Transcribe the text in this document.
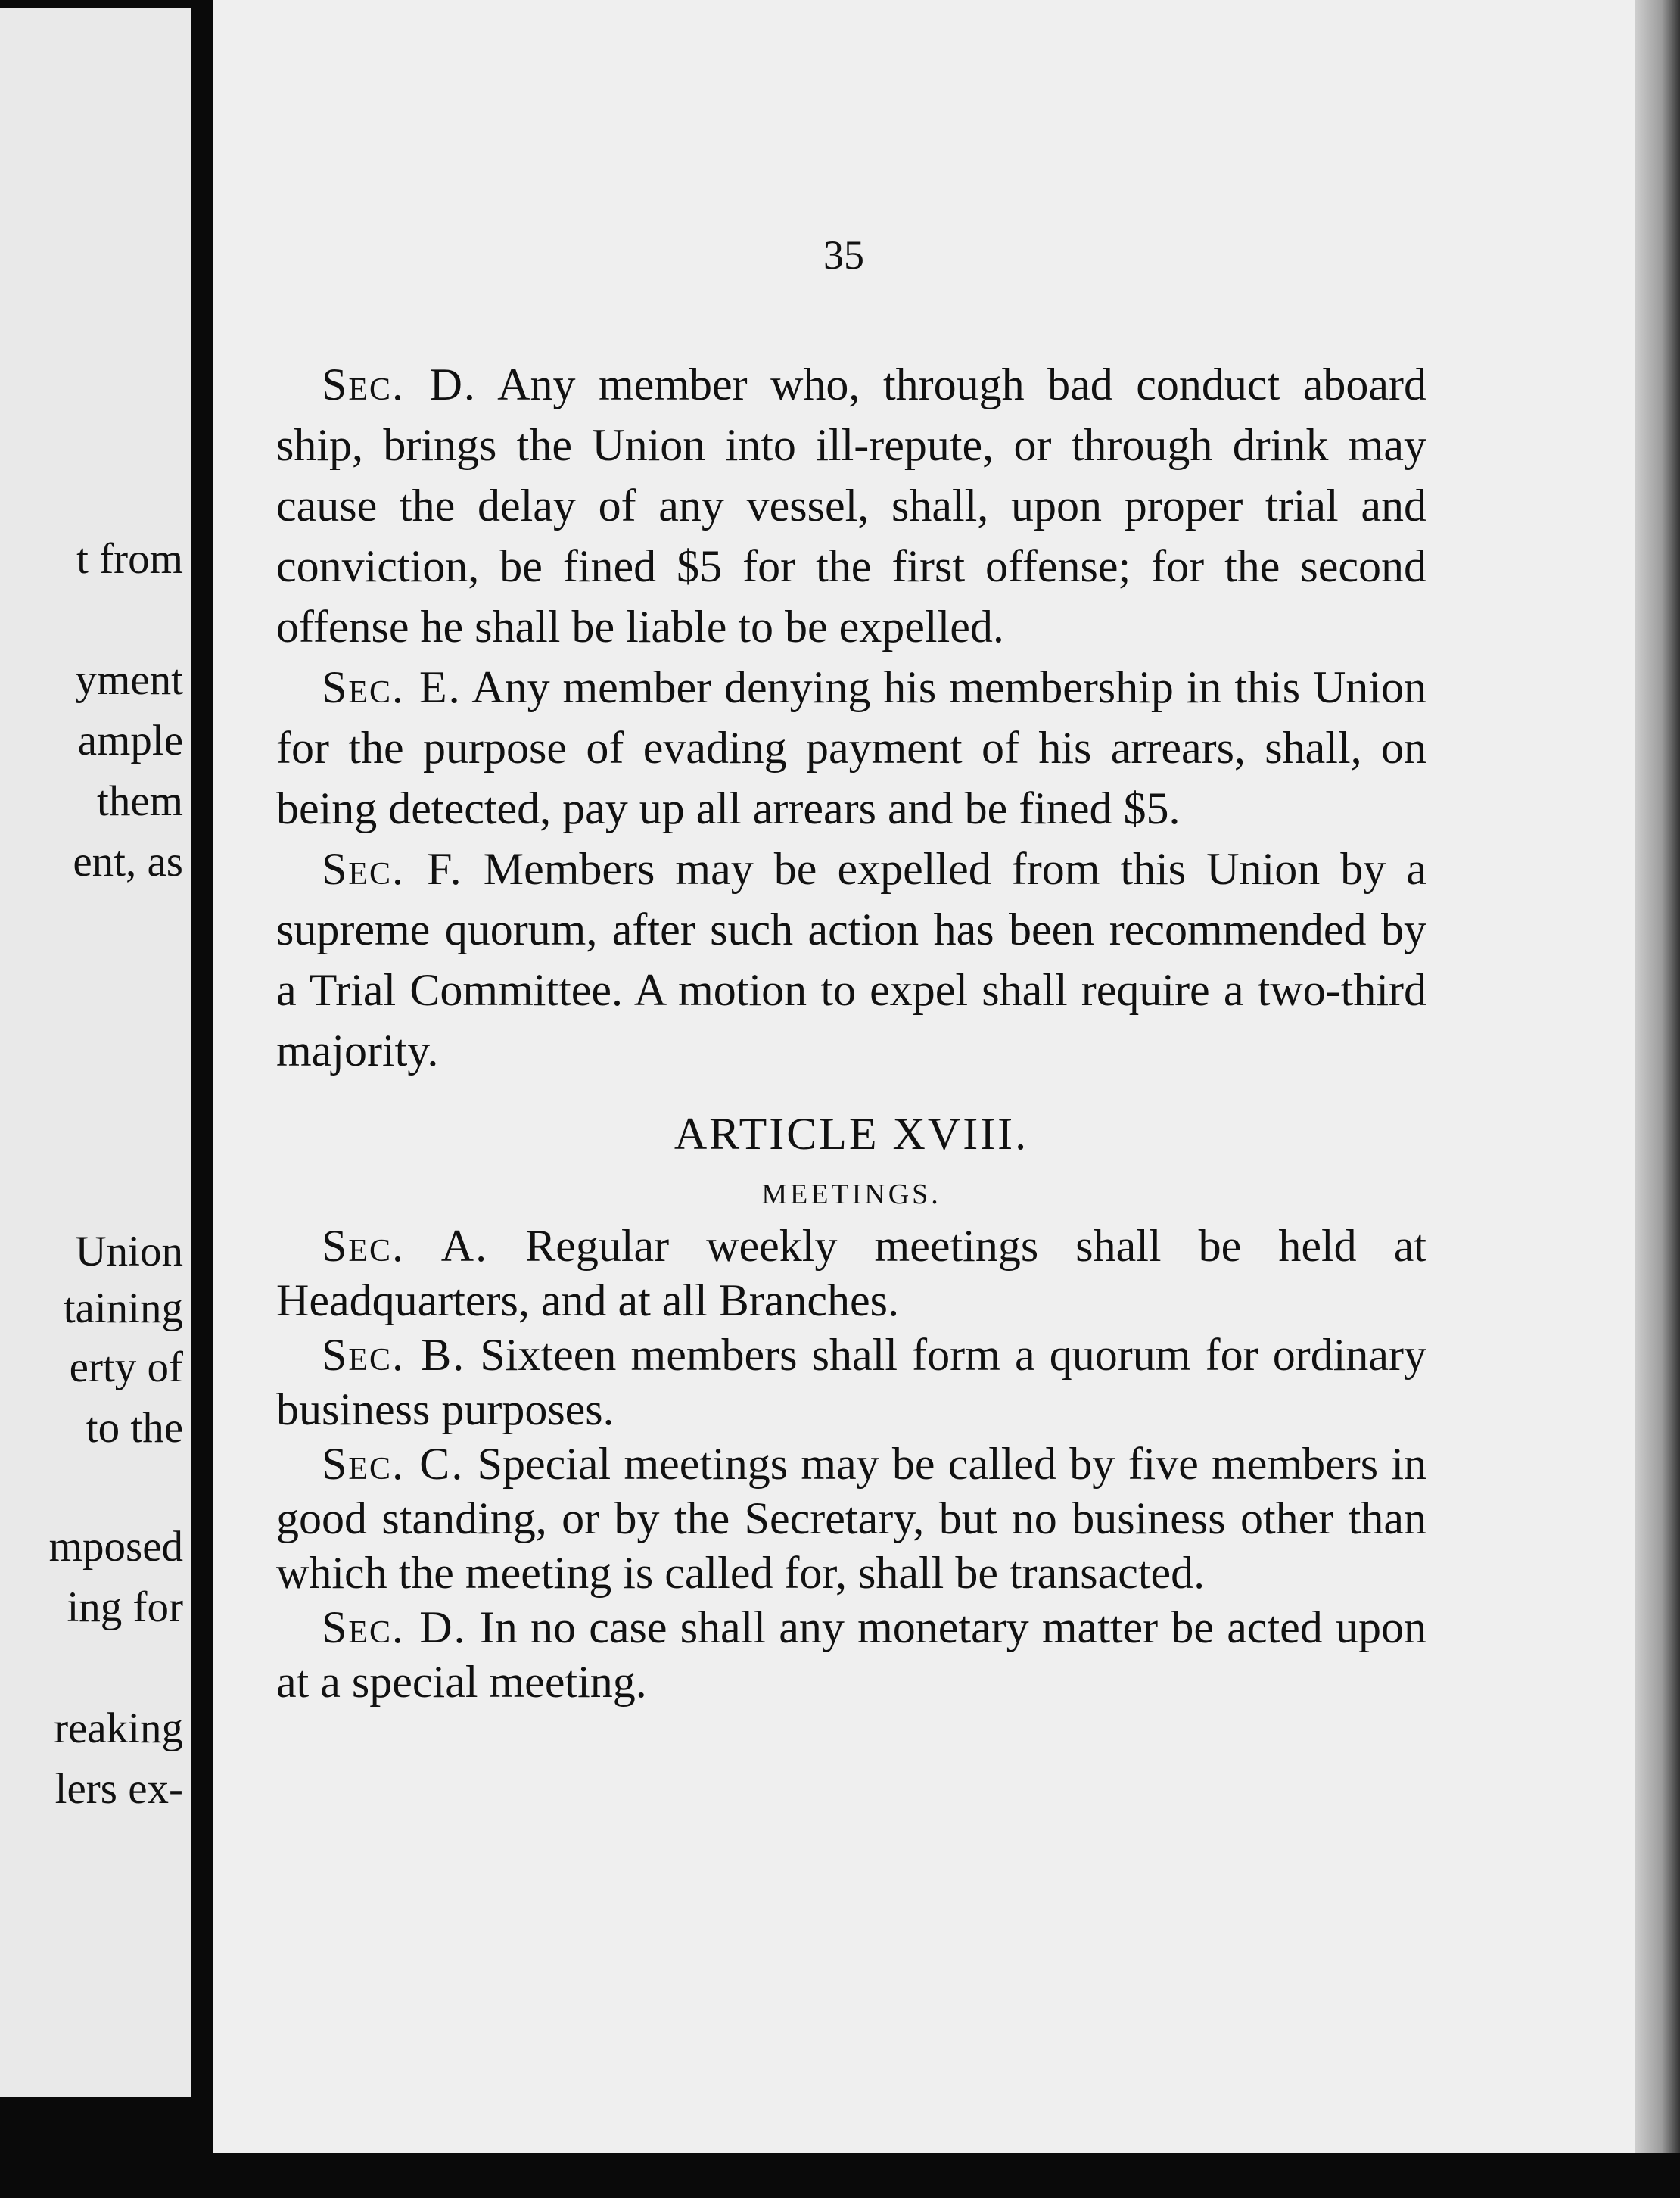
t from
yment
ample
them
ent, as
Union
taining
erty of
to the
mposed
ing for
reaking
lers ex-
35

Sec. D. Any member who, through bad conduct aboard ship, brings the Union into ill-repute, or through drink may cause the delay of any vessel, shall, upon proper trial and conviction, be fined $5 for the first offense; for the second offense he shall be liable to be expelled.

Sec. E. Any member denying his membership in this Union for the purpose of evading payment of his arrears, shall, on being detected, pay up all arrears and be fined $5.

Sec. F. Members may be expelled from this Union by a supreme quorum, after such action has been recommended by a Trial Committee. A motion to expel shall require a two-third majority.

ARTICLE XVIII.
MEETINGS.

Sec. A. Regular weekly meetings shall be held at Headquarters, and at all Branches.

Sec. B. Sixteen members shall form a quorum for ordinary business purposes.

Sec. C. Special meetings may be called by five members in good standing, or by the Secretary, but no business other than which the meeting is called for, shall be transacted.

Sec. D. In no case shall any monetary matter be acted upon at a special meeting.
